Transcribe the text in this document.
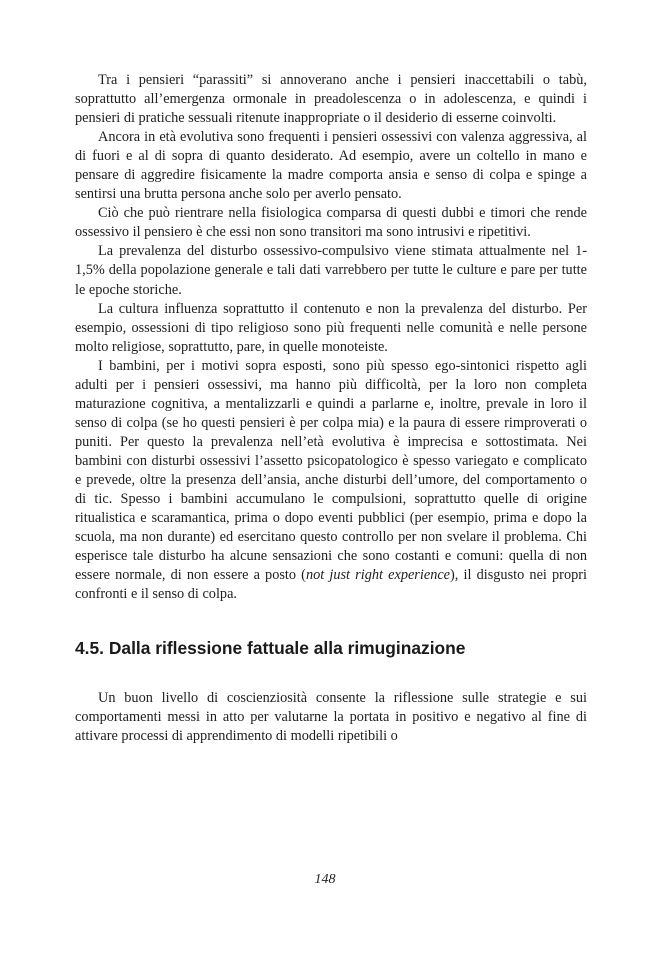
Tra i pensieri “parassiti” si annoverano anche i pensieri inaccettabili o tabù, soprattutto all’emergenza ormonale in preadolescenza o in adolescenza, e quindi i pensieri di pratiche sessuali ritenute inappropriate o il desiderio di esserne coinvolti.

Ancora in età evolutiva sono frequenti i pensieri ossessivi con valenza aggressiva, al di fuori e al di sopra di quanto desiderato. Ad esempio, avere un coltello in mano e pensare di aggredire fisicamente la madre comporta ansia e senso di colpa e spinge a sentirsi una brutta persona anche solo per averlo pensato.

Ciò che può rientrare nella fisiologica comparsa di questi dubbi e timori che rende ossessivo il pensiero è che essi non sono transitori ma sono intrusivi e ripetitivi.

La prevalenza del disturbo ossessivo-compulsivo viene stimata attualmente nel 1-1,5% della popolazione generale e tali dati varrebbero per tutte le culture e pare per tutte le epoche storiche.

La cultura influenza soprattutto il contenuto e non la prevalenza del disturbo. Per esempio, ossessioni di tipo religioso sono più frequenti nelle comunità e nelle persone molto religiose, soprattutto, pare, in quelle monoteiste.

I bambini, per i motivi sopra esposti, sono più spesso ego-sintonici rispetto agli adulti per i pensieri ossessivi, ma hanno più difficoltà, per la loro non completa maturazione cognitiva, a mentalizzarli e quindi a parlarne e, inoltre, prevale in loro il senso di colpa (se ho questi pensieri è per colpa mia) e la paura di essere rimproverati o puniti. Per questo la prevalenza nell’età evolutiva è imprecisa e sottostimata. Nei bambini con disturbi ossessivi l’assetto psicopatologico è spesso variegato e complicato e prevede, oltre la presenza dell’ansia, anche disturbi dell’umore, del comportamento o di tic. Spesso i bambini accumulano le compulsioni, soprattutto quelle di origine ritualistica e scaramantica, prima o dopo eventi pubblici (per esempio, prima e dopo la scuola, ma non durante) ed esercitano questo controllo per non svelare il problema. Chi esperisce tale disturbo ha alcune sensazioni che sono costanti e comuni: quella di non essere normale, di non essere a posto (not just right experience), il disgusto nei propri confronti e il senso di colpa.

4.5. Dalla riflessione fattuale alla rimuginazione

Un buon livello di coscienziosità consente la riflessione sulle strategie e sui comportamenti messi in atto per valutarne la portata in positivo e negativo al fine di attivare processi di apprendimento di modelli ripetibili o

148
